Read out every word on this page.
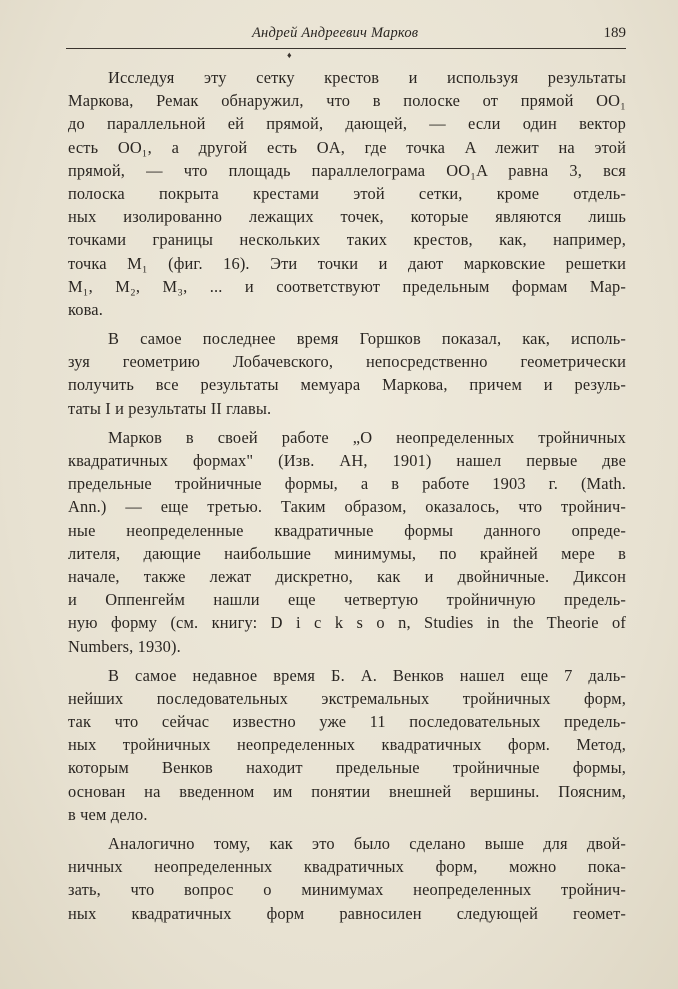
Андрей Андреевич Марков	189
♦
Исследуя эту сетку крестов и используя результаты
Маркова, Ремак обнаружил, что в полоске от прямой OO₁
до параллельной ей прямой, дающей, — если один вектор
есть OO₁, а другой есть OA, где точка A лежит на этой
прямой, — что площадь параллелограма OO₁A равна 3, вся
полоска покрыта крестами этой сетки, кроме отдель-
ных изолированно лежащих точек, которые являются лишь
точками границы нескольких таких крестов, как, например,
точка M₁ (фиг. 16). Эти точки и дают марковские решетки
M₁, M₂, M₃, ... и соответствуют предельным формам Мар-
кова.
В самое последнее время Горшков показал, как, исполь-
зуя геометрию Лобачевского, непосредственно геометрически
получить все результаты мемуара Маркова, причем и резуль-
таты I и результаты II главы.
Марков в своей работе „О неопределенных тройничных
квадратичных формах" (Изв. АН, 1901) нашел первые две
предельные тройничные формы, а в работе 1903 г. (Math.
Ann.) — еще третью. Таким образом, оказалось, что тройнич-
ные неопределенные квадратичные формы данного опреде-
лителя, дающие наибольшие минимумы, по крайней мере в
начале, также лежат дискретно, как и двойничные. Диксон
и Оппенгейм нашли еще четвертую тройничную предель-
ную форму (см. книгу: D i c k s o n, Studies in the Theorie of
Numbers, 1930).
В самое недавное время Б. А. Венков нашел еще 7 даль-
нейших последовательных экстремальных тройничных форм,
так что сейчас известно уже 11 последовательных предель-
ных тройничных неопределенных квадратичных форм. Метод,
которым Венков находит предельные тройничные формы,
основан на введенном им понятии внешней вершины. Поясним,
в чем дело.
Аналогично тому, как это было сделано выше для двой-
ничных неопределенных квадратичных форм, можно пока-
зать, что вопрос о минимумах неопределенных тройнич-
ных квадратичных форм равносилен следующей геомет-
